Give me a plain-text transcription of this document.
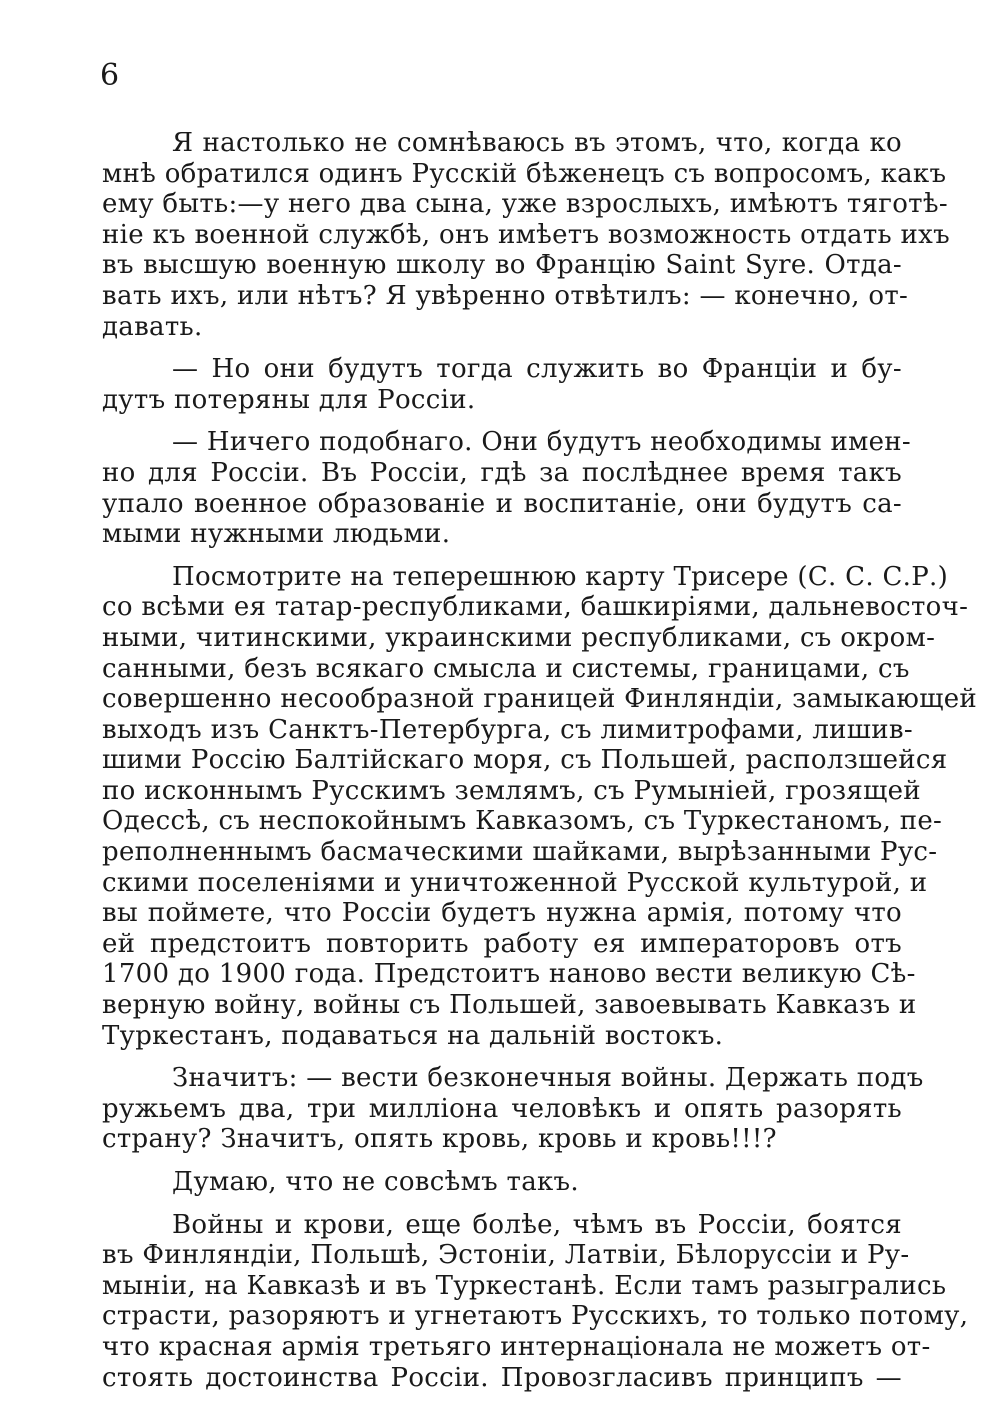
6
Я настолько не сомнѣваюсь въ этомъ, что, когда ко
мнѣ обратился одинъ Русскій бѣженецъ съ вопросомъ, какъ
ему быть:—у него два сына, уже взрослыхъ, имѣютъ тяготѣ-
ніе къ военной службѣ, онъ имѣетъ возможность отдать ихъ
въ высшую военную школу во Францію Saint Syre. Отда-
вать ихъ, или нѣтъ? Я увѣренно отвѣтилъ: — конечно, от-
давать.
— Но они будутъ тогда служить во Франціи и бу-
дутъ потеряны для Россіи.
— Ничего подобнаго. Они будутъ необходимы имен-
но для Россіи. Въ Россіи, гдѣ за послѣднее время такъ
упало военное образованіе и воспитаніе, они будутъ са-
мыми нужными людьми.
Посмотрите на теперешнюю карту Трисере (С. С. С.Р.)
со всѣми ея татар-республиками, башкиріями, дальневосточ-
ными, читинскими, украинскими республиками, съ окром-
санными, безъ всякаго смысла и системы, границами, съ
совершенно несообразной границей Финляндіи, замыкающей
выходъ изъ Санктъ-Петербурга, съ лимитрофами, лишив-
шими Россію Балтійскаго моря, съ Польшей, расползшейся
по исконнымъ Русскимъ землямъ, съ Румыніей, грозящей
Одессѣ, съ неспокойнымъ Кавказомъ, съ Туркестаномъ, пе-
реполненнымъ басмаческими шайками, вырѣзанными Рус-
скими поселеніями и уничтоженной Русской культурой, и
вы поймете, что Россіи будетъ нужна армія, потому что
ей предстоитъ повторить работу ея императоровъ отъ
1700 до 1900 года. Предстоитъ наново вести великую Сѣ-
верную войну, войны съ Польшей, завоевывать Кавказъ и
Туркестанъ, подаваться на дальній востокъ.
Значитъ: — вести безконечныя войны. Держать подъ
ружьемъ два, три милліона человѣкъ и опять разорять
страну? Значитъ, опять кровь, кровь и кровь!!!?
Думаю, что не совсѣмъ такъ.
Войны и крови, еще болѣе, чѣмъ въ Россіи, боятся
въ Финляндіи, Польшѣ, Эстоніи, Латвіи, Бѣлоруссіи и Ру-
мыніи, на Кавказѣ и въ Туркестанѣ. Если тамъ разыгрались
страсти, разоряютъ и угнетаютъ Русскихъ, то только потому,
что красная армія третьяго интернаціонала не можетъ от-
стоять достоинства Россіи. Провозгласивъ принципъ —
